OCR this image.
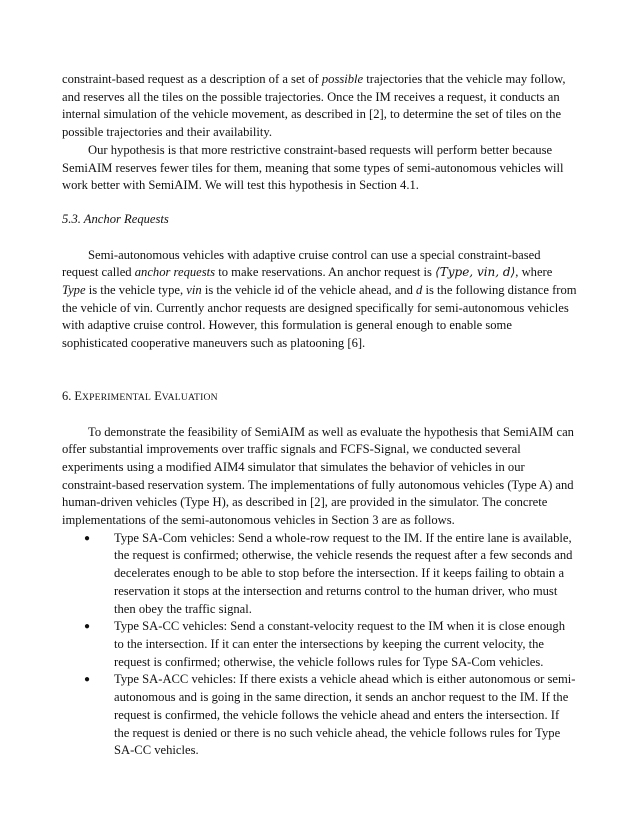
constraint-based request as a description of a set of possible trajectories that the vehicle may follow, and reserves all the tiles on the possible trajectories. Once the IM receives a request, it conducts an internal simulation of the vehicle movement, as described in [2], to determine the set of tiles on the possible trajectories and their availability.

Our hypothesis is that more restrictive constraint-based requests will perform better because SemiAIM reserves fewer tiles for them, meaning that some types of semi-autonomous vehicles will work better with SemiAIM. We will test this hypothesis in Section 4.1.

5.3. Anchor Requests

Semi-autonomous vehicles with adaptive cruise control can use a special constraint-based request called anchor requests to make reservations. An anchor request is ⟨Type, vin, d⟩, where Type is the vehicle type, vin is the vehicle id of the vehicle ahead, and d is the following distance from the vehicle of vin. Currently anchor requests are designed specifically for semi-autonomous vehicles with adaptive cruise control. However, this formulation is general enough to enable some sophisticated cooperative maneuvers such as platooning [6].

6. EXPERIMENTAL EVALUATION

To demonstrate the feasibility of SemiAIM as well as evaluate the hypothesis that SemiAIM can offer substantial improvements over traffic signals and FCFS-Signal, we conducted several experiments using a modified AIM4 simulator that simulates the behavior of vehicles in our constraint-based reservation system. The implementations of fully autonomous vehicles (Type A) and human-driven vehicles (Type H), as described in [2], are provided in the simulator. The concrete implementations of the semi-autonomous vehicles in Section 3 are as follows.

● Type SA-Com vehicles: Send a whole-row request to the IM. If the entire lane is available, the request is confirmed; otherwise, the vehicle resends the request after a few seconds and decelerates enough to be able to stop before the intersection. If it keeps failing to obtain a reservation it stops at the intersection and returns control to the human driver, who must then obey the traffic signal.
● Type SA-CC vehicles: Send a constant-velocity request to the IM when it is close enough to the intersection. If it can enter the intersections by keeping the current velocity, the request is confirmed; otherwise, the vehicle follows rules for Type SA-Com vehicles.
● Type SA-ACC vehicles: If there exists a vehicle ahead which is either autonomous or semi-autonomous and is going in the same direction, it sends an anchor request to the IM. If the request is confirmed, the vehicle follows the vehicle ahead and enters the intersection. If the request is denied or there is no such vehicle ahead, the vehicle follows rules for Type SA-CC vehicles.
